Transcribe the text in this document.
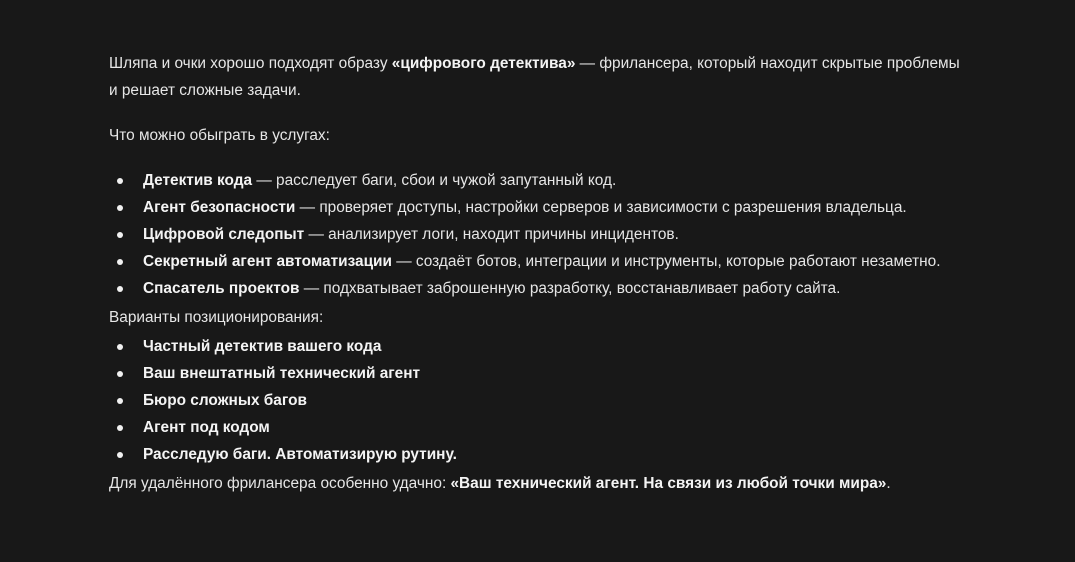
Шляпа и очки хорошо подходят образу «цифрового детектива» — фрилансера, который находит скрытые проблемы и решает сложные задачи.

Что можно обыграть в услугах:

Детектив кода — расследует баги, сбои и чужой запутанный код.
Агент безопасности — проверяет доступы, настройки серверов и зависимости с разрешения владельца.
Цифровой следопыт — анализирует логи, находит причины инцидентов.
Секретный агент автоматизации — создаёт ботов, интеграции и инструменты, которые работают незаметно.
Спасатель проектов — подхватывает заброшенную разработку, восстанавливает работу сайта.

Варианты позиционирования:

Частный детектив вашего кода
Ваш внештатный технический агент
Бюро сложных багов
Агент под кодом
Расследую баги. Автоматизирую рутину.

Для удалённого фрилансера особенно удачно: «Ваш технический агент. На связи из любой точки мира».
